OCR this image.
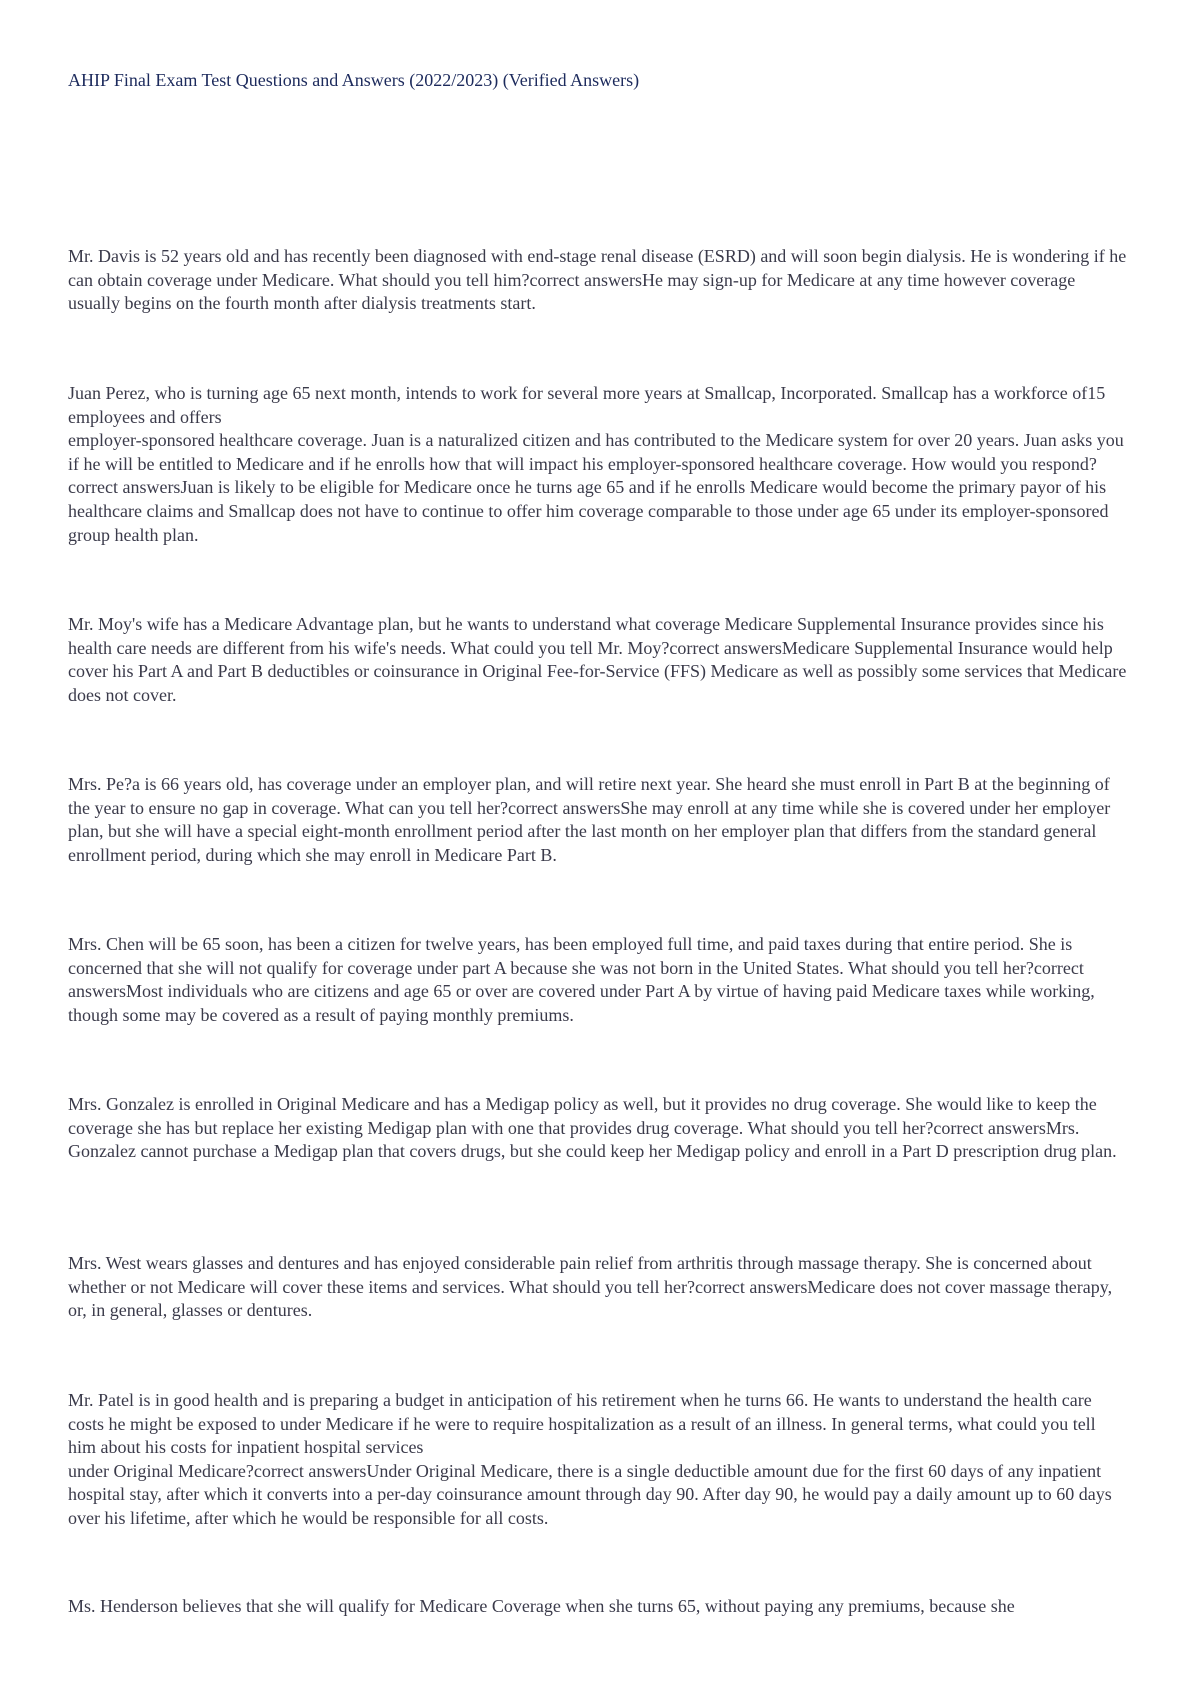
AHIP Final Exam Test Questions and Answers (2022/2023) (Verified Answers)

Mr. Davis is 52 years old and has recently been diagnosed with end-stage renal disease (ESRD) and will soon begin dialysis. He is wondering if he can obtain coverage under Medicare. What should you tell him?correct answersHe may sign-up for Medicare at any time however coverage usually begins on the fourth month after dialysis treatments start.

Juan Perez, who is turning age 65 next month, intends to work for several more years at Smallcap, Incorporated. Smallcap has a workforce of15 employees and offers

employer-sponsored healthcare coverage. Juan is a naturalized citizen and has contributed to the Medicare system for over 20 years. Juan asks you if he will be entitled to Medicare and if he enrolls how that will impact his employer-sponsored healthcare coverage. How would you respond?correct answersJuan is likely to be eligible for Medicare once he turns age 65 and if he enrolls Medicare would become the primary payor of his healthcare claims and Smallcap does not have to continue to offer him coverage comparable to those under age 65 under its employer-sponsored group health plan.

Mr. Moy's wife has a Medicare Advantage plan, but he wants to understand what coverage Medicare Supplemental Insurance provides since his health care needs are different from his wife's needs. What could you tell Mr. Moy?correct answersMedicare Supplemental Insurance would help cover his Part A and Part B deductibles or coinsurance in Original Fee-for-Service (FFS) Medicare as well as possibly some services that Medicare does not cover.

Mrs. Pe?a is 66 years old, has coverage under an employer plan, and will retire next year. She heard she must enroll in Part B at the beginning of the year to ensure no gap in coverage. What can you tell her?correct answersShe may enroll at any time while she is covered under her employer plan, but she will have a special eight-month enrollment period after the last month on her employer plan that differs from the standard general enrollment period, during which she may enroll in Medicare Part B.

Mrs. Chen will be 65 soon, has been a citizen for twelve years, has been employed full time, and paid taxes during that entire period. She is concerned that she will not qualify for coverage under part A because she was not born in the United States. What should you tell her?correct answersMost individuals who are citizens and age 65 or over are covered under Part A by virtue of having paid Medicare taxes while working, though some may be covered as a result of paying monthly premiums.

Mrs. Gonzalez is enrolled in Original Medicare and has a Medigap policy as well, but it provides no drug coverage. She would like to keep the coverage she has but replace her existing Medigap plan with one that provides drug coverage. What should you tell her?correct answersMrs. Gonzalez cannot purchase a Medigap plan that covers drugs, but she could keep her Medigap policy and enroll in a Part D prescription drug plan.

Mrs. West wears glasses and dentures and has enjoyed considerable pain relief from arthritis through massage therapy. She is concerned about whether or not Medicare will cover these items and services. What should you tell her?correct answersMedicare does not cover massage therapy, or, in general, glasses or dentures.

Mr. Patel is in good health and is preparing a budget in anticipation of his retirement when he turns 66. He wants to understand the health care costs he might be exposed to under Medicare if he were to require hospitalization as a result of an illness. In general terms, what could you tell him about his costs for inpatient hospital services

under Original Medicare?correct answersUnder Original Medicare, there is a single deductible amount due for the first 60 days of any inpatient hospital stay, after which it converts into a per-day coinsurance amount through day 90. After day 90, he would pay a daily amount up to 60 days over his lifetime, after which he would be responsible for all costs.

Ms. Henderson believes that she will qualify for Medicare Coverage when she turns 65, without paying any premiums, because she
